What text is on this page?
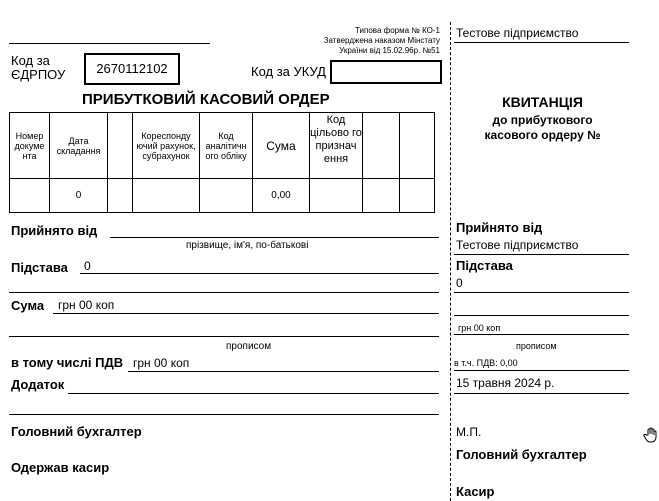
Типова форма № КО-1
Затверджена наказом Мінстату
України від 15.02.96р. №51
Код за
ЄДРПОУ	2670112102	Код за УКУД
ПРИБУТКОВИЙ КАСОВИЙ ОРДЕР
Номер докуме нта	Дата складання		Кореспонду ючий рахунок, субрахунок	Код аналітичн ого обліку	Сума	Код цільово го признач ення		

	0				0,00			
Прийнято від
прізвище, ім'я, по-батькові
Підстава 0
Сума грн 00 коп
прописом
в тому числі ПДВ грн 00 коп
Додаток
Головний бухгалтер
Одержав касир
Тестове підприємство
КВИТАНЦІЯ
до прибуткового
касового ордеру №
Прийнято від
Тестове підприємство
Підстава
0
грн 00 коп
прописом
в т.ч. ПДВ: 0,00
15 травня 2024 р.
М.П.
Головний бухгалтер
Касир
